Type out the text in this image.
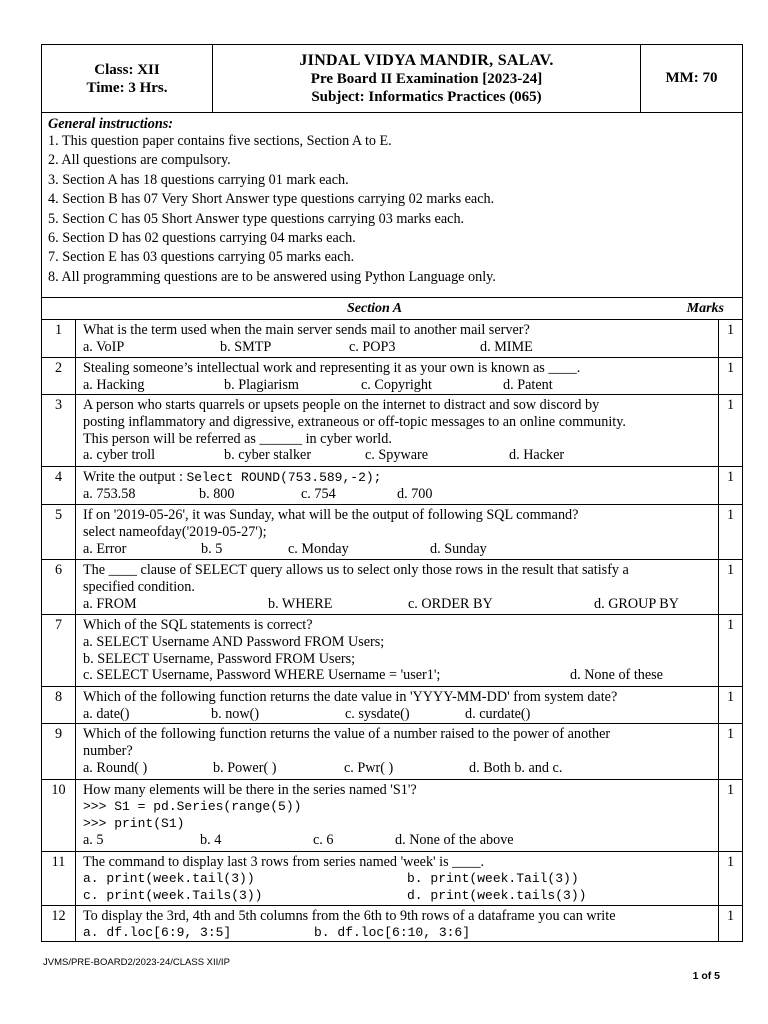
Class: XII
Time: 3 Hrs.
JINDAL VIDYA MANDIR, SALAV.
Pre Board II Examination [2023-24]
Subject: Informatics Practices (065)
MM: 70
General instructions:
1. This question paper contains five sections, Section A to E.
2. All questions are compulsory.
3. Section A has 18 questions carrying 01 mark each.
4. Section B has 07 Very Short Answer type questions carrying 02 marks each.
5. Section C has 05 Short Answer type questions carrying 03 marks each.
6. Section D has 02 questions carrying 04 marks each.
7. Section E has 03 questions carrying 05 marks each.
8. All programming questions are to be answered using Python Language only.
Section A	Marks
1	What is the term used when the main server sends mail to another mail server?
a. VoIP	b. SMTP	c. POP3	d. MIME
1
2	Stealing someone’s intellectual work and representing it as your own is known as ____.
a. Hacking	b. Plagiarism	c. Copyright	d. Patent
1
3	A person who starts quarrels or upsets people on the internet to distract and sow discord by
posting inflammatory and digressive, extraneous or off-topic messages to an online community.
This person will be referred as ______ in cyber world.
a. cyber troll	b. cyber stalker	c. Spyware	d. Hacker
1
4	Write the output : Select ROUND(753.589,-2);
a. 753.58	b. 800	c. 754	d. 700
1
5	If on '2019-05-26', it was Sunday, what will be the output of following SQL command?
select nameofday('2019-05-27');
a. Error	b. 5	c. Monday	d. Sunday
1
6	The ____ clause of SELECT query allows us to select only those rows in the result that satisfy a
specified condition.
a. FROM	b. WHERE	c. ORDER BY	d. GROUP BY
1
7	Which of the SQL statements is correct?
a. SELECT Username AND Password FROM Users;
b. SELECT Username, Password FROM Users;
c. SELECT Username, Password WHERE Username = 'user1';	d. None of these
1
8	Which of the following function returns the date value in 'YYYY-MM-DD' from system date?
a. date()	b. now()	c. sysdate()	d. curdate()
1
9	Which of the following function returns the value of a number raised to the power of another
number?
a. Round( )	b. Power( )	c. Pwr( )	d. Both b. and c.
1
10	How many elements will be there in the series named 'S1'?
>>> S1 = pd.Series(range(5))
>>> print(S1)
a. 5	b. 4	c. 6	d. None of the above
1
11	The command to display last 3 rows from series named 'week' is ____.
a. print(week.tail(3))	b. print(week.Tail(3))
c. print(week.Tails(3))	d. print(week.tails(3))
1
12	To display the 3rd, 4th and 5th columns from the 6th to 9th rows of a dataframe you can write
a. df.loc[6:9, 3:5]	b. df.loc[6:10, 3:6]
1
JVMS/PRE-BOARD2/2023-24/CLASS XII/IP
1 of 5
